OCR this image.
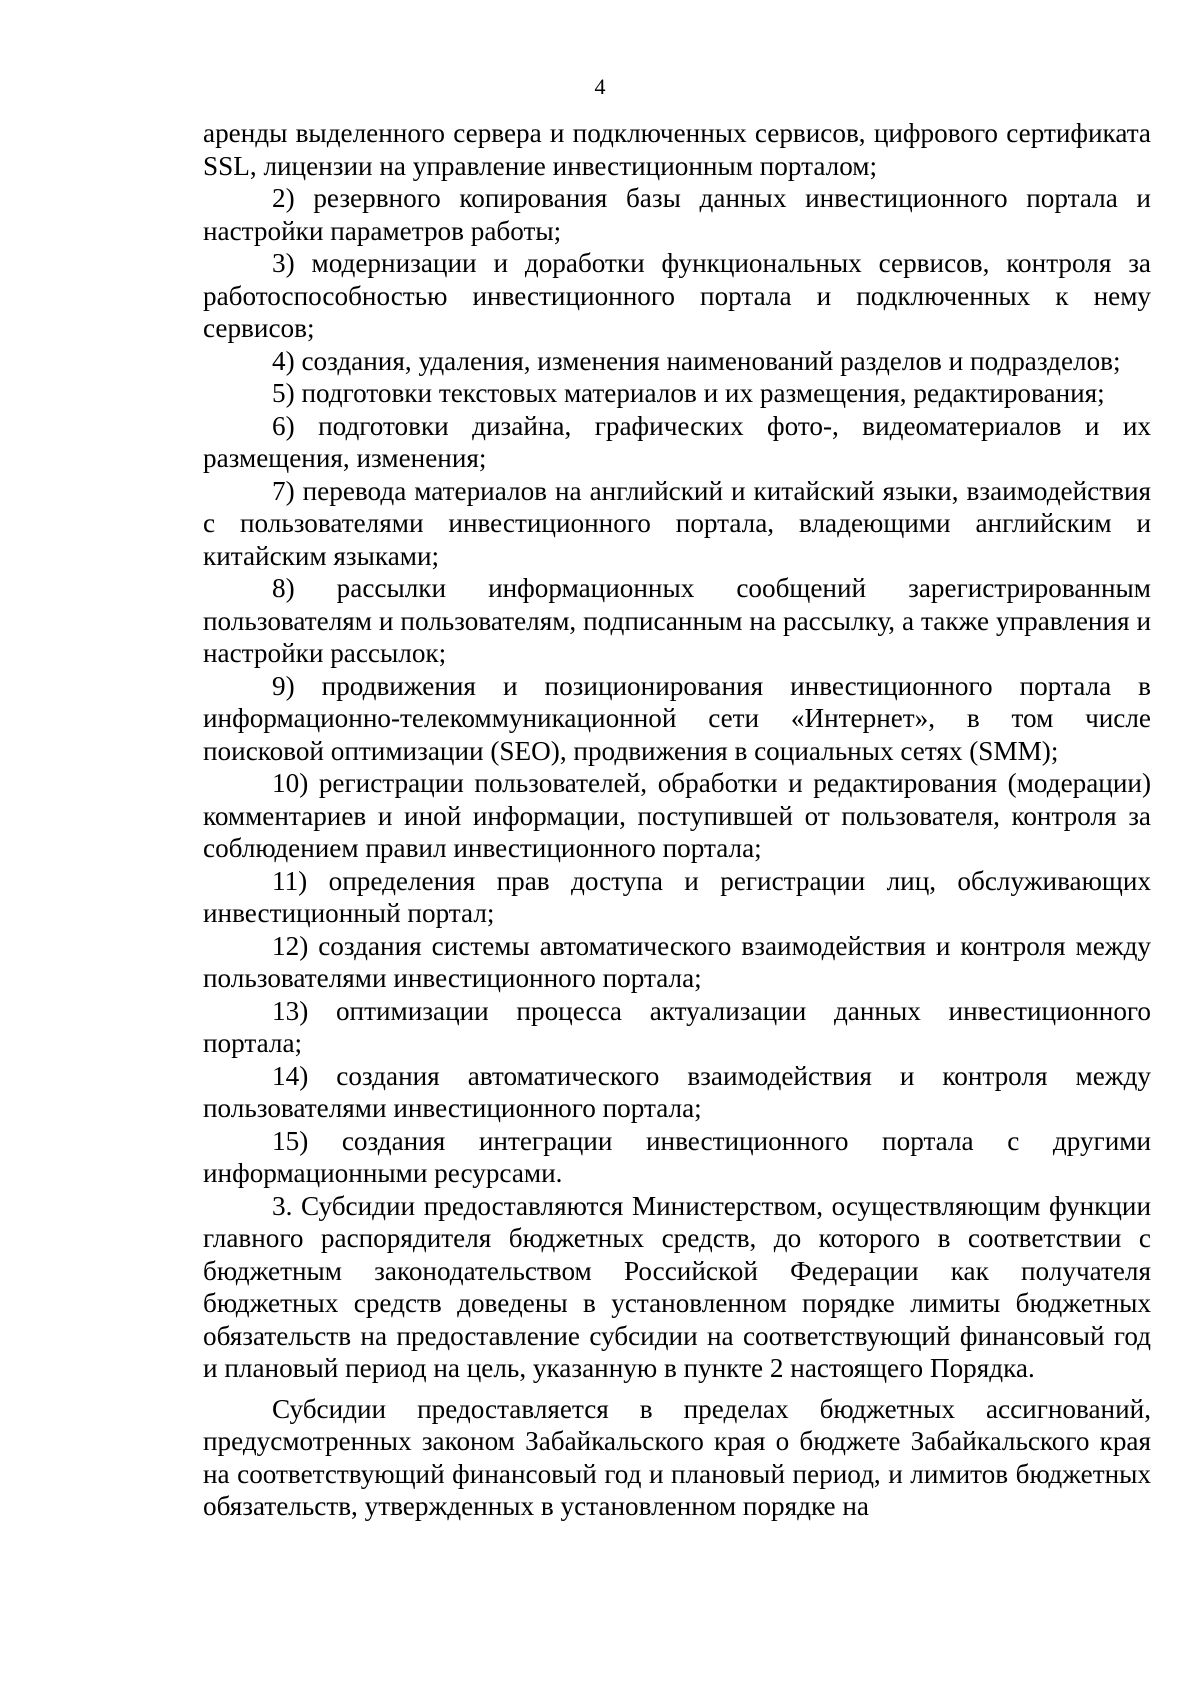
4

аренды выделенного сервера и подключенных сервисов, цифрового сертификата SSL, лицензии на управление инвестиционным порталом;

2) резервного копирования базы данных инвестиционного портала и настройки параметров работы;

3) модернизации и доработки функциональных сервисов, контроля за работоспособностью инвестиционного портала и подключенных к нему сервисов;

4) создания, удаления, изменения наименований разделов и подразделов;

5) подготовки текстовых материалов и их размещения, редактирования;

6) подготовки дизайна, графических фото-, видеоматериалов и их размещения, изменения;

7) перевода материалов на английский и китайский языки, взаимодействия с пользователями инвестиционного портала, владеющими английским и китайским языками;

8) рассылки информационных сообщений зарегистрированным пользователям и пользователям, подписанным на рассылку, а также управления и настройки рассылок;

9) продвижения и позиционирования инвестиционного портала в информационно-телекоммуникационной сети «Интернет», в том числе поисковой оптимизации (SEO), продвижения в социальных сетях (SMM);

10) регистрации пользователей, обработки и редактирования (модерации) комментариев и иной информации, поступившей от пользователя, контроля за соблюдением правил инвестиционного портала;

11) определения прав доступа и регистрации лиц, обслуживающих инвестиционный портал;

12) создания системы автоматического взаимодействия и контроля между пользователями инвестиционного портала;

13) оптимизации процесса актуализации данных инвестиционного портала;

14) создания автоматического взаимодействия и контроля между пользователями инвестиционного портала;

15) создания интеграции инвестиционного портала с другими информационными ресурсами.

3. Субсидии предоставляются Министерством, осуществляющим функции главного распорядителя бюджетных средств, до которого в соответствии с бюджетным законодательством Российской Федерации как получателя бюджетных средств доведены в установленном порядке лимиты бюджетных обязательств на предоставление субсидии на соответствующий финансовый год и плановый период на цель, указанную в пункте 2 настоящего Порядка.

Субсидии предоставляется в пределах бюджетных ассигнований, предусмотренных законом Забайкальского края о бюджете Забайкальского края на соответствующий финансовый год и плановый период, и лимитов бюджетных обязательств, утвержденных в установленном порядке на
